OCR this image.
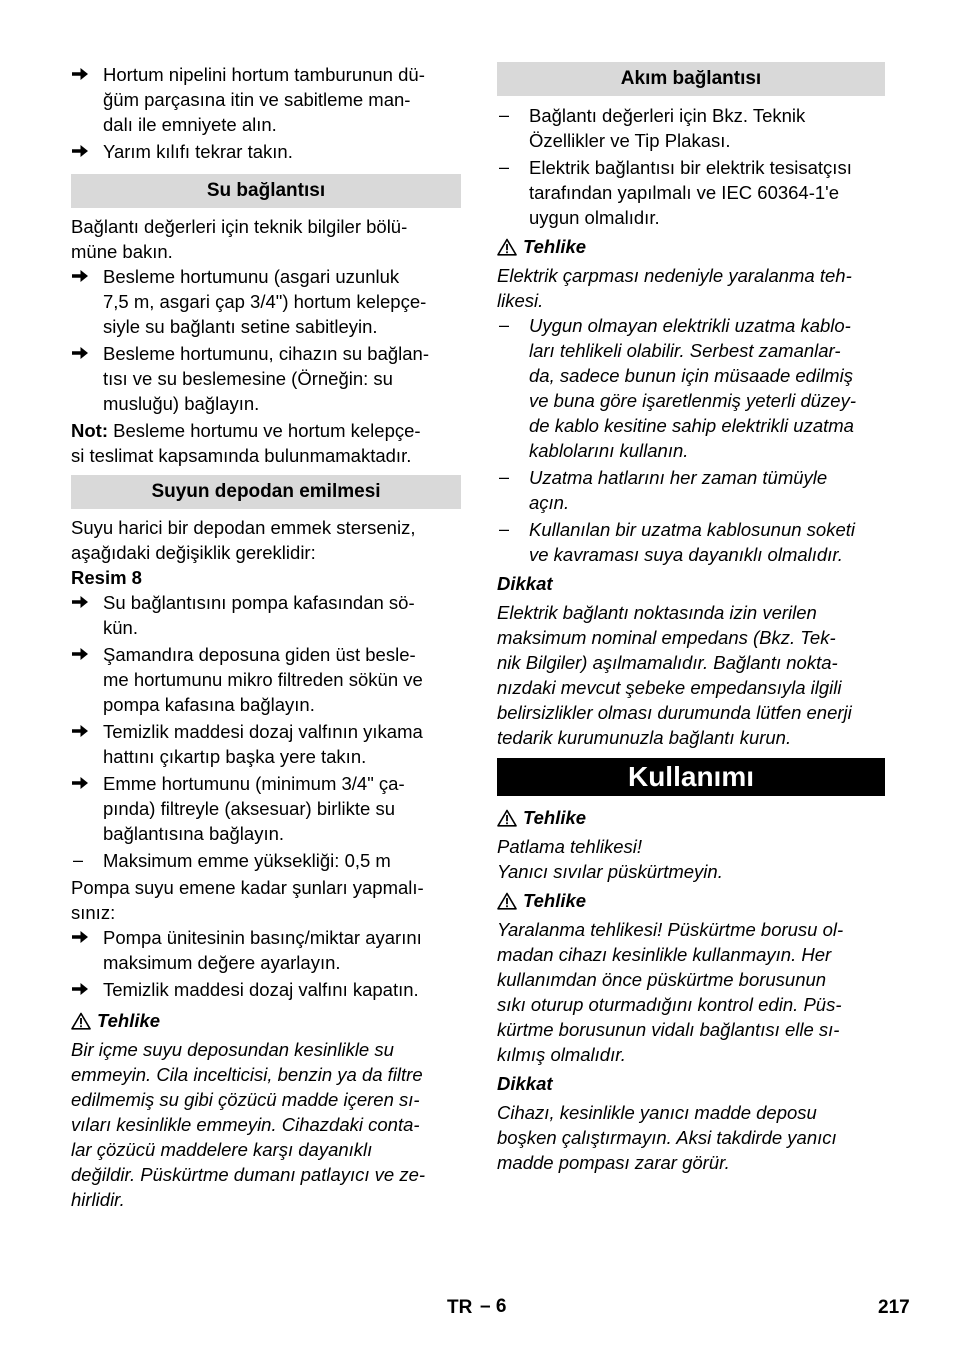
Hortum nipelini hortum tamburunun dü-
ğüm parçasına itin ve sabitleme man-
dalı ile emniyete alın.
Yarım kılıfı tekrar takın.
Su bağlantısı
Bağlantı değerleri için teknik bilgiler bölü-
müne bakın.
Besleme hortumunu (asgari uzunluk
7,5 m, asgari çap 3/4") hortum kelepçe-
siyle su bağlantı setine sabitleyin.
Besleme hortumunu, cihazın su bağlan-
tısı ve su beslemesine (Örneğin: su
musluğu) bağlayın.
Not: Besleme hortumu ve hortum kelepçe-
si teslimat kapsamında bulunmamaktadır.
Suyun depodan emilmesi
Suyu harici bir depodan emmek sterseniz,
aşağıdaki değişiklik gereklidir:
Resim 8
Su bağlantısını pompa kafasından sö-
kün.
Şamandıra deposuna giden üst besle-
me hortumunu mikro filtreden sökün ve
pompa kafasına bağlayın.
Temizlik maddesi dozaj valfının yıkama
hattını çıkartıp başka yere takın.
Emme hortumunu (minimum 3/4" ça-
pında) filtreyle (aksesuar) birlikte su
bağlantısına bağlayın.
–	Maksimum emme yüksekliği: 0,5 m
Pompa suyu emene kadar şunları yapmalı-
sınız:
Pompa ünitesinin basınç/miktar ayarını
maksimum değere ayarlayın.
Temizlik maddesi dozaj valfını kapatın.
Tehlike
Bir içme suyu deposundan kesinlikle su
emmeyin. Cila incelticisi, benzin ya da filtre
edilmemiş su gibi çözücü madde içeren sı-
vıları kesinlikle emmeyin. Cihazdaki conta-
lar çözücü maddelere karşı dayanıklı
değildir. Püskürtme dumanı patlayıcı ve ze-
hirlidir.
Akım bağlantısı
–	Bağlantı değerleri için Bkz. Teknik
Özellikler ve Tip Plakası.
–	Elektrik bağlantısı bir elektrik tesisatçısı
tarafından yapılmalı ve IEC 60364-1'e
uygun olmalıdır.
Tehlike
Elektrik çarpması nedeniyle yaralanma teh-
likesi.
–	Uygun olmayan elektrikli uzatma kablo-
ları tehlikeli olabilir. Serbest zamanlar-
da, sadece bunun için müsaade edilmiş
ve buna göre işaretlenmiş yeterli düzey-
de kablo kesitine sahip elektrikli uzatma
kablolarını kullanın.
–	Uzatma hatlarını her zaman tümüyle
açın.
–	Kullanılan bir uzatma kablosunun soketi
ve kavraması suya dayanıklı olmalıdır.
Dikkat
Elektrik bağlantı noktasında izin verilen
maksimum nominal empedans (Bkz. Tek-
nik Bilgiler) aşılmamalıdır. Bağlantı nokta-
nızdaki mevcut şebeke empedansıyla ilgili
belirsizlikler olması durumunda lütfen enerji
tedarik kurumunuzla bağlantı kurun.
Kullanımı
Tehlike
Patlama tehlikesi!
Yanıcı sıvılar püskürtmeyin.
Tehlike
Yaralanma tehlikesi! Püskürtme borusu ol-
madan cihazı kesinlikle kullanmayın. Her
kullanımdan önce püskürtme borusunun
sıkı oturup oturmadığını kontrol edin. Püs-
kürtme borusunun vidalı bağlantısı elle sı-
kılmış olmalıdır.
Dikkat
Cihazı, kesinlikle yanıcı madde deposu
boşken çalıştırmayın. Aksi takdirde yanıcı
madde pompası zarar görür.
TR – 6	217
